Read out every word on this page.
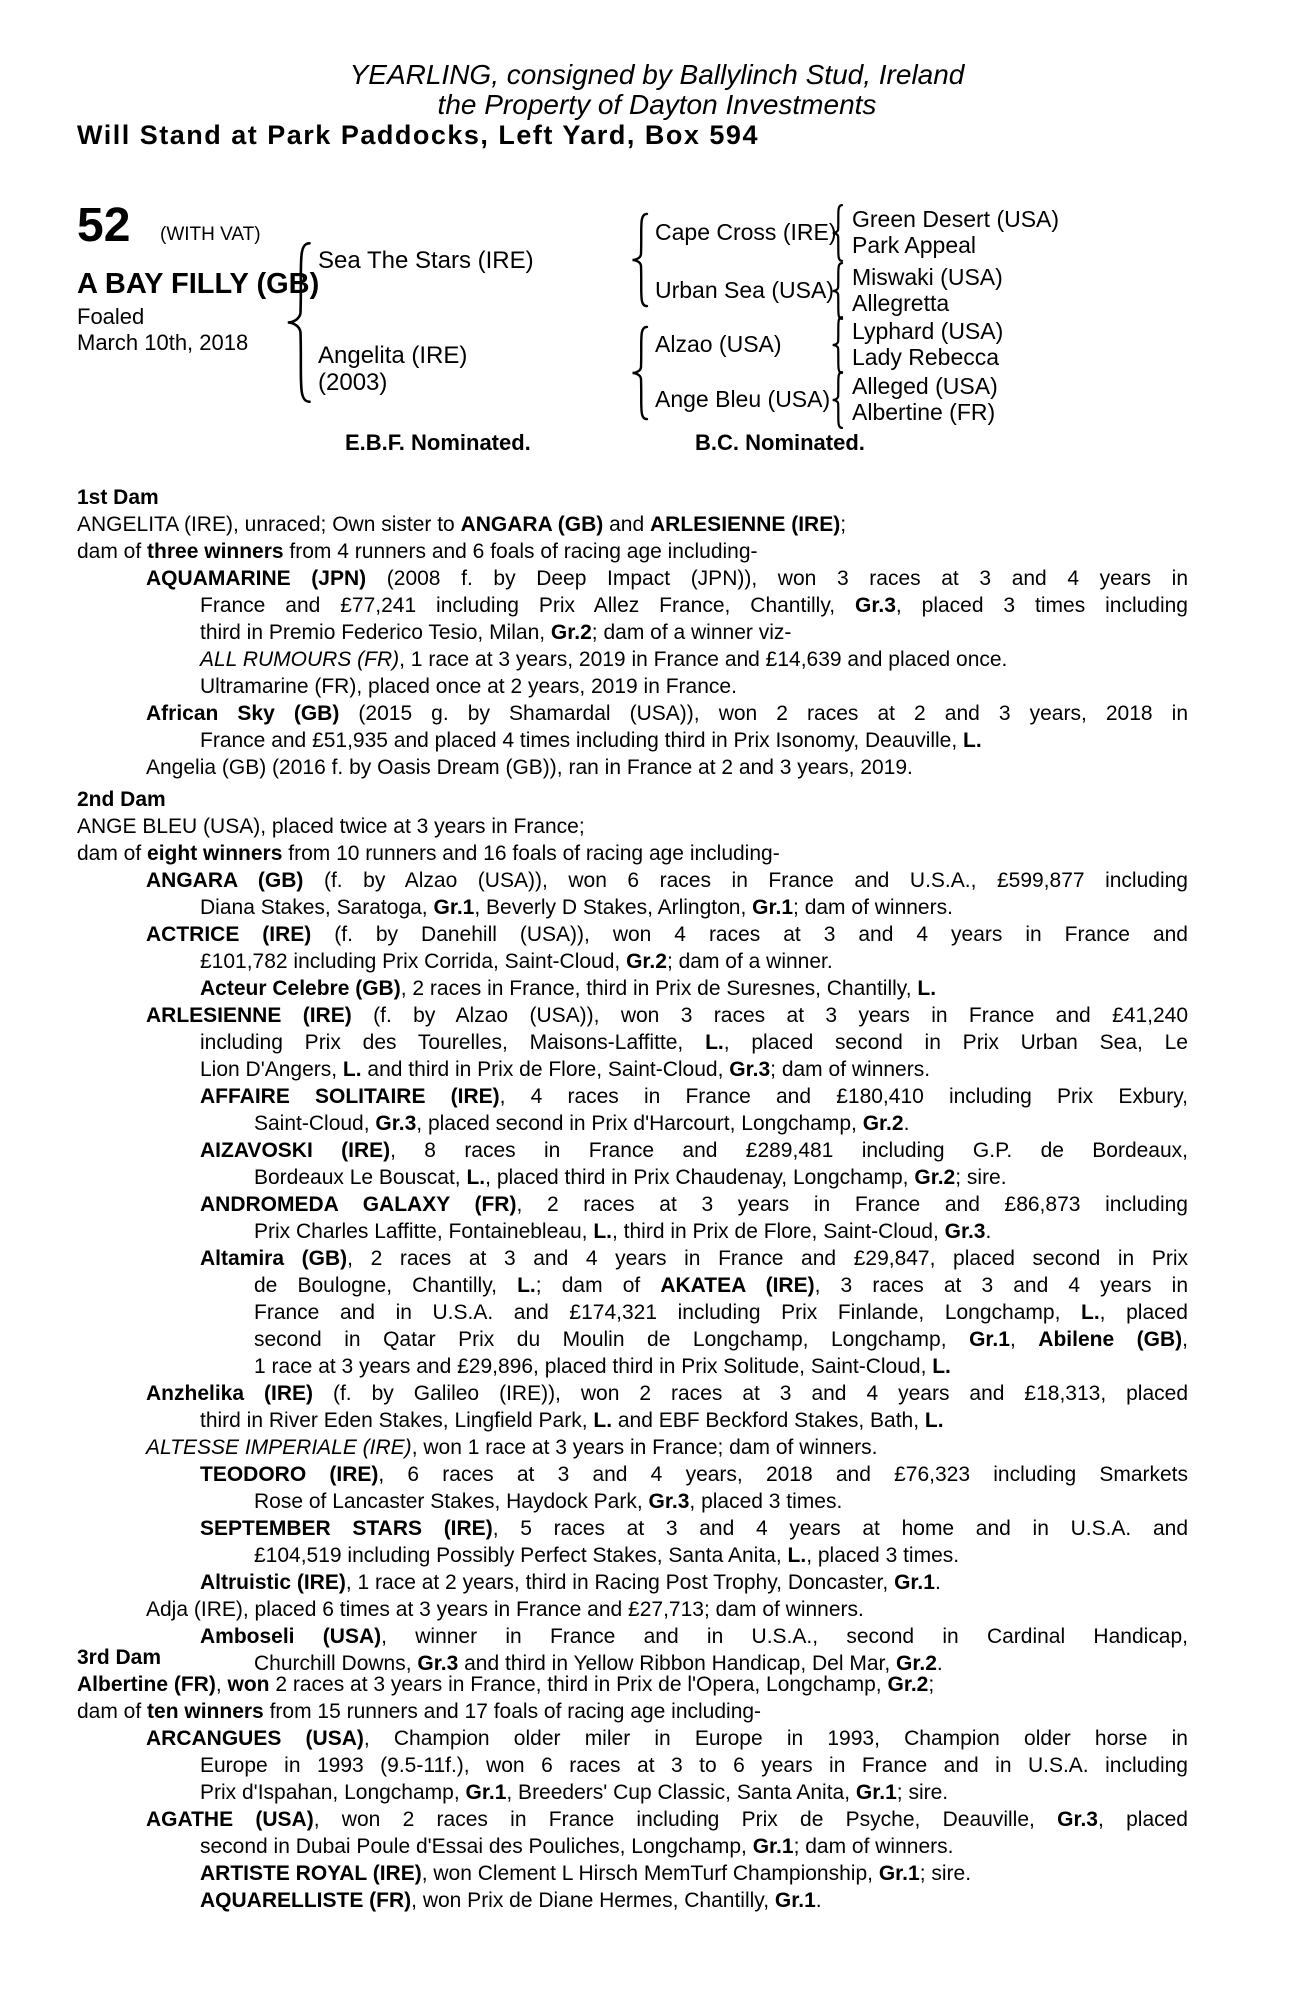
YEARLING, consigned by Ballylinch Stud, Ireland
the Property of Dayton Investments
Will Stand at Park Paddocks, Left Yard, Box 594
52 (WITH VAT)
A BAY FILLY (GB)
Foaled
March 10th, 2018
Sea The Stars (IRE)
Angelita (IRE)
(2003)
Cape Cross (IRE)
Urban Sea (USA)
Alzao (USA)
Ange Bleu (USA)
Green Desert (USA)
Park Appeal
Miswaki (USA)
Allegretta
Lyphard (USA)
Lady Rebecca
Alleged (USA)
Albertine (FR)
E.B.F. Nominated.	B.C. Nominated.
1st Dam
ANGELITA (IRE), unraced; Own sister to ANGARA (GB) and ARLESIENNE (IRE);
dam of three winners from 4 runners and 6 foals of racing age including-
AQUAMARINE (JPN) (2008 f. by Deep Impact (JPN)), won 3 races at 3 and 4 years in
France and £77,241 including Prix Allez France, Chantilly, Gr.3, placed 3 times including
third in Premio Federico Tesio, Milan, Gr.2; dam of a winner viz-
ALL RUMOURS (FR), 1 race at 3 years, 2019 in France and £14,639 and placed once.
Ultramarine (FR), placed once at 2 years, 2019 in France.
African Sky (GB) (2015 g. by Shamardal (USA)), won 2 races at 2 and 3 years, 2018 in
France and £51,935 and placed 4 times including third in Prix Isonomy, Deauville, L.
Angelia (GB) (2016 f. by Oasis Dream (GB)), ran in France at 2 and 3 years, 2019.
2nd Dam
ANGE BLEU (USA), placed twice at 3 years in France;
dam of eight winners from 10 runners and 16 foals of racing age including-
ANGARA (GB) (f. by Alzao (USA)), won 6 races in France and U.S.A., £599,877 including
Diana Stakes, Saratoga, Gr.1, Beverly D Stakes, Arlington, Gr.1; dam of winners.
ACTRICE (IRE) (f. by Danehill (USA)), won 4 races at 3 and 4 years in France and
£101,782 including Prix Corrida, Saint-Cloud, Gr.2; dam of a winner.
Acteur Celebre (GB), 2 races in France, third in Prix de Suresnes, Chantilly, L.
ARLESIENNE (IRE) (f. by Alzao (USA)), won 3 races at 3 years in France and £41,240
including Prix des Tourelles, Maisons-Laffitte, L., placed second in Prix Urban Sea, Le
Lion D'Angers, L. and third in Prix de Flore, Saint-Cloud, Gr.3; dam of winners.
AFFAIRE SOLITAIRE (IRE), 4 races in France and £180,410 including Prix Exbury,
Saint-Cloud, Gr.3, placed second in Prix d'Harcourt, Longchamp, Gr.2.
AIZAVOSKI (IRE), 8 races in France and £289,481 including G.P. de Bordeaux,
Bordeaux Le Bouscat, L., placed third in Prix Chaudenay, Longchamp, Gr.2; sire.
ANDROMEDA GALAXY (FR), 2 races at 3 years in France and £86,873 including
Prix Charles Laffitte, Fontainebleau, L., third in Prix de Flore, Saint-Cloud, Gr.3.
Altamira (GB), 2 races at 3 and 4 years in France and £29,847, placed second in Prix
de Boulogne, Chantilly, L.; dam of AKATEA (IRE), 3 races at 3 and 4 years in
France and in U.S.A. and £174,321 including Prix Finlande, Longchamp, L., placed
second in Qatar Prix du Moulin de Longchamp, Longchamp, Gr.1, Abilene (GB),
1 race at 3 years and £29,896, placed third in Prix Solitude, Saint-Cloud, L.
Anzhelika (IRE) (f. by Galileo (IRE)), won 2 races at 3 and 4 years and £18,313, placed
third in River Eden Stakes, Lingfield Park, L. and EBF Beckford Stakes, Bath, L.
ALTESSE IMPERIALE (IRE), won 1 race at 3 years in France; dam of winners.
TEODORO (IRE), 6 races at 3 and 4 years, 2018 and £76,323 including Smarkets
Rose of Lancaster Stakes, Haydock Park, Gr.3, placed 3 times.
SEPTEMBER STARS (IRE), 5 races at 3 and 4 years at home and in U.S.A. and
£104,519 including Possibly Perfect Stakes, Santa Anita, L., placed 3 times.
Altruistic (IRE), 1 race at 2 years, third in Racing Post Trophy, Doncaster, Gr.1.
Adja (IRE), placed 6 times at 3 years in France and £27,713; dam of winners.
Amboseli (USA), winner in France and in U.S.A., second in Cardinal Handicap,
Churchill Downs, Gr.3 and third in Yellow Ribbon Handicap, Del Mar, Gr.2.
3rd Dam
Albertine (FR), won 2 races at 3 years in France, third in Prix de l'Opera, Longchamp, Gr.2;
dam of ten winners from 15 runners and 17 foals of racing age including-
ARCANGUES (USA), Champion older miler in Europe in 1993, Champion older horse in
Europe in 1993 (9.5-11f.), won 6 races at 3 to 6 years in France and in U.S.A. including
Prix d'Ispahan, Longchamp, Gr.1, Breeders' Cup Classic, Santa Anita, Gr.1; sire.
AGATHE (USA), won 2 races in France including Prix de Psyche, Deauville, Gr.3, placed
second in Dubai Poule d'Essai des Pouliches, Longchamp, Gr.1; dam of winners.
ARTISTE ROYAL (IRE), won Clement L Hirsch MemTurf Championship, Gr.1; sire.
AQUARELLISTE (FR), won Prix de Diane Hermes, Chantilly, Gr.1.
